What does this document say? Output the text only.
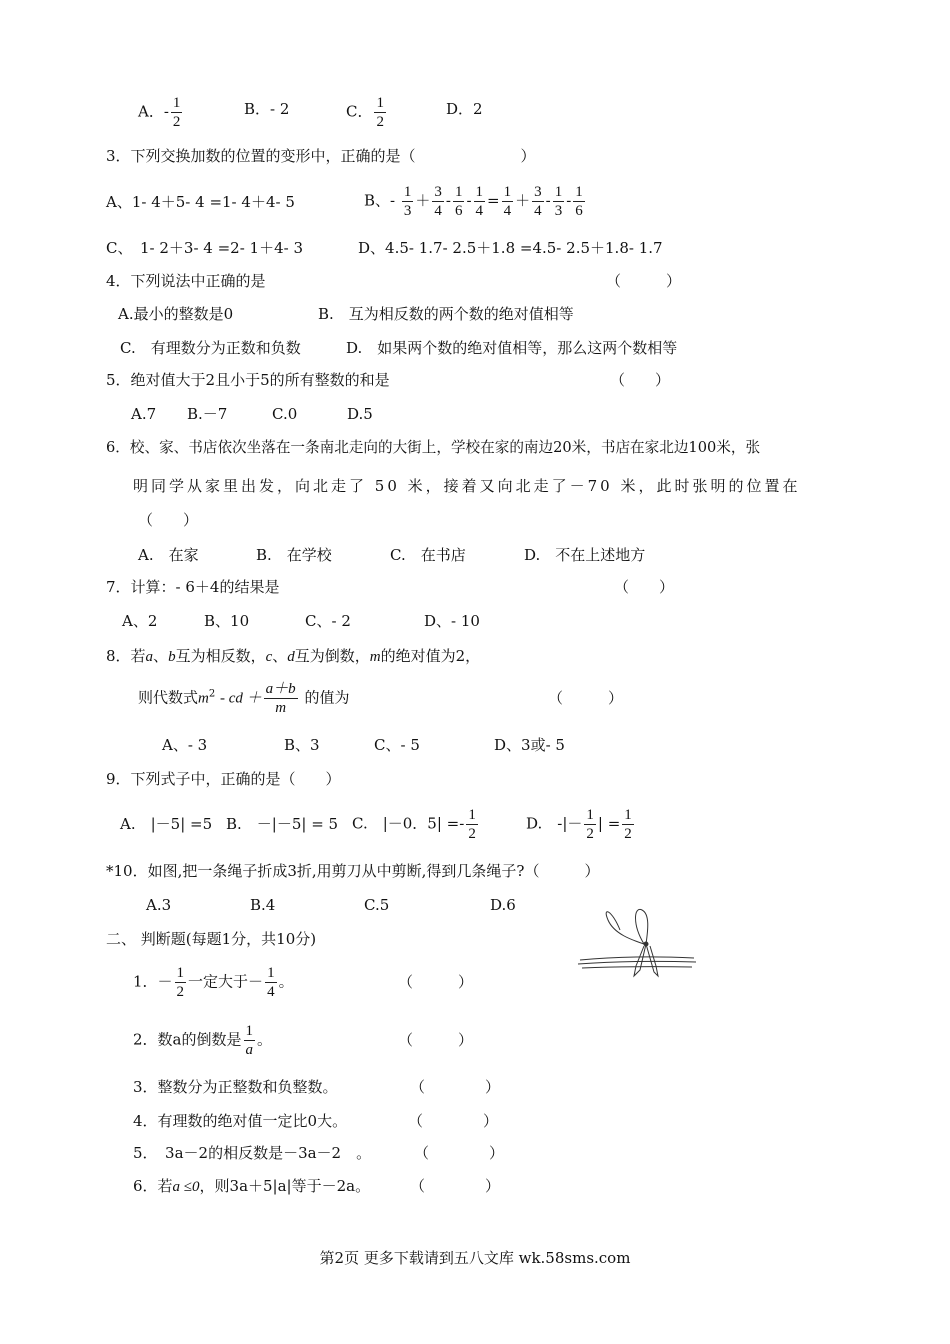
A．- $\frac{1}{2}$	B．- 2	C． $\frac{1}{2}$	D．2
3．下列交换加数的位置的变形中，正确的是（　　　　　　　）
A、1- 4＋5- 4 =1- 4＋4- 5	B、- $\frac{1}{3} + \frac{3}{4} - \frac{1}{6} - \frac{1}{4} = \frac{1}{4} + \frac{3}{4} - \frac{1}{3} - \frac{1}{6}$
C、　1- 2＋3- 4 =2- 1＋4- 3	D、4.5- 1.7- 2.5＋1.8 =4.5- 2.5＋1.8- 1.7
4．下列说法中正确的是	（　　　）
A.最小的整数是0	B.　互为相反数的两个数的绝对值相等
C.　有理数分为正数和负数	D.　如果两个数的绝对值相等，那么这两个数相等
5．绝对值大于2且小于5的所有整数的和是	（　　）
A.7 B.－7	C.0	D.5
6．校、家、书店依次坐落在一条南北走向的大街上，学校在家的南边20米，书店在家北边100米，张
明同学从家里出发，向北走了 50 米，接着又向北走了－70 米，此时张明的位置在
（　　）
A.　在家	B.　在学校	C.　在书店	D.　不在上述地方
7．计算：- 6＋4的结果是	（　　）
A、2	B、10	C、- 2	D、- 10
8．若a、b互为相反数，c、d互为倒数，m的绝对值为2，
则代数式$m^2$ - cd ＋ $\frac{a+b}{m}$ 的值为	（　　　）
A、- 3	B、3	C、- 5	D、3或- 5
9．下列式子中，正确的是（　　）
A.　|－5| =5 B.　－|－5| = 5 C.　|－0．$5| =- \frac{1}{2}$	D.　-|－ $\frac{1}{2}$ | = $\frac{1}{2}$
*10．如图,把一条绳子折成3折,用剪刀从中剪断,得到几条绳子?（　　　）
A.3	B.4	C.5	D.6
二、 判断题(每题1分，共10分)
1．－ $\frac{1}{2}$ 一定大于－ $\frac{1}{4}$ 。	（　　　）
2．数a的倒数是 $\frac{1}{a}$ 。	（　　　）
3．整数分为正整数和负整数。	（　　　　）
4．有理数的绝对值一定比0大。	（　　　　）
5．　3a－2的相反数是－3a－2　。	（　　　　）
6．若a ≤0，则3a＋5|a|等于－2a。	（　　　　）
第2页 更多下载请到五八文库 wk.58sms.com
